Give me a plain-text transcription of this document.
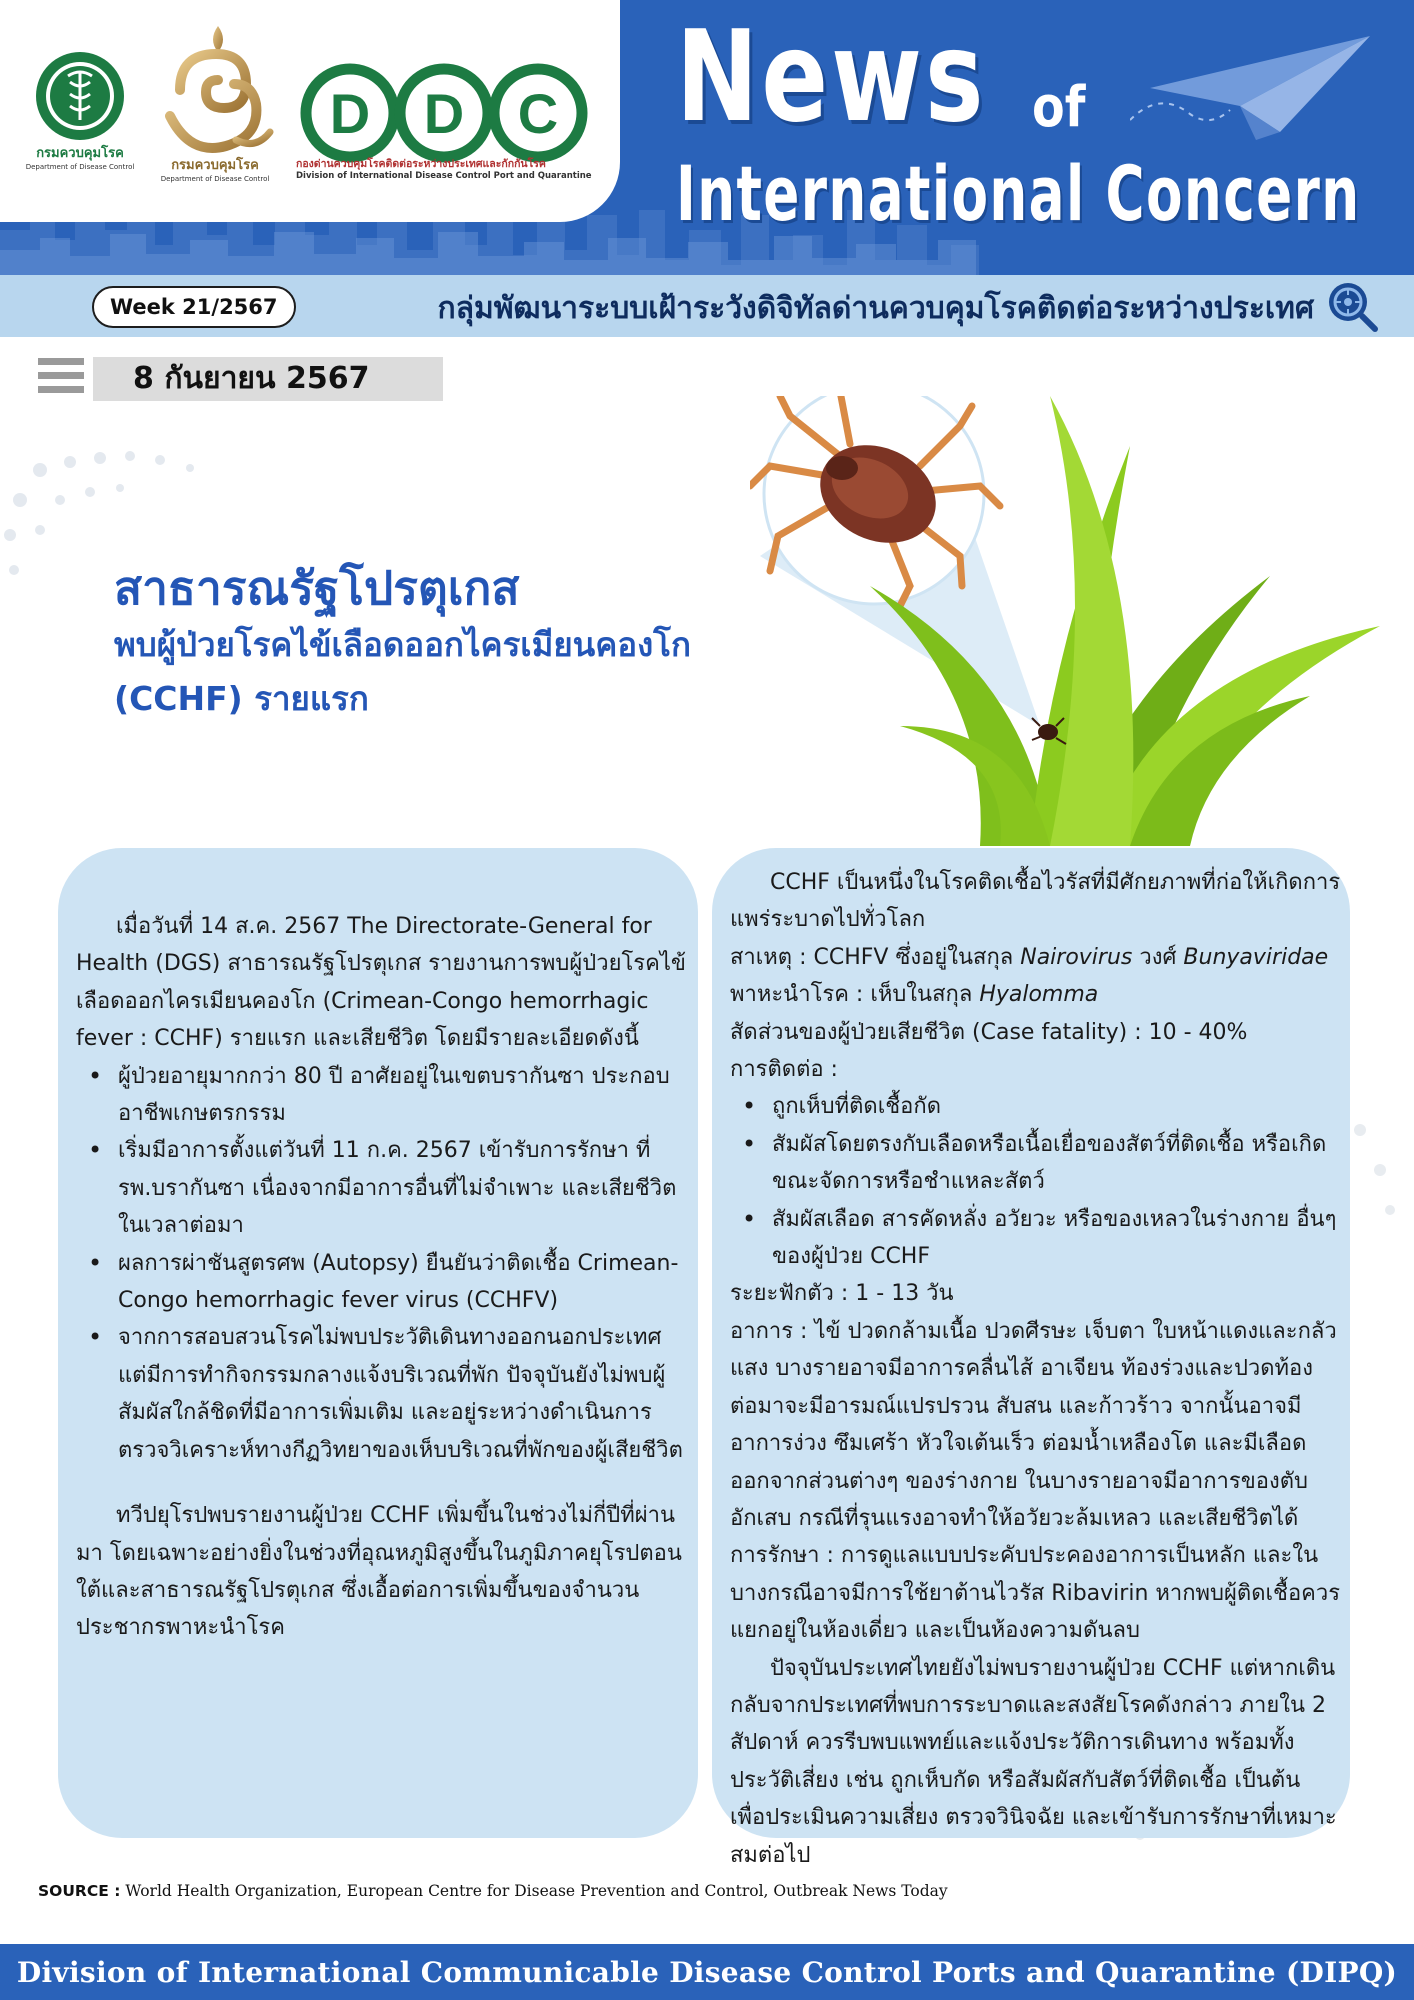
กรมควบคุมโรค
Department of Disease Control	กรมควบคุมโรค
Department of Disease Control
D D C
กองด่านควบคุมโรคติดต่อระหว่างประเทศและกักกันโรค
Division of International Disease Control Port and Quarantine
News of
International Concern
Week 21/2567	กลุ่มพัฒนาระบบเฝ้าระวังดิจิทัลด่านควบคุมโรคติดต่อระหว่างประเทศ
8 กันยายน 2567
สาธารณรัฐโปรตุเกส
พบผู้ป่วยโรคไข้เลือดออกไครเมียนคองโก
(CCHF) รายแรก
เมื่อวันที่ 14 ส.ค. 2567 The Directorate-General for Health (DGS) สาธารณรัฐโปรตุเกส รายงานการพบผู้ป่วยโรคไข้เลือดออกไครเมียนคองโก (Crimean-Congo hemorrhagic fever : CCHF) รายแรก และเสียชีวิต โดยมีรายละเอียดดังนี้
• ผู้ป่วยอายุมากกว่า 80 ปี อาศัยอยู่ในเขตบรากันซา ประกอบอาชีพเกษตรกรรม
• เริ่มมีอาการตั้งแต่วันที่ 11 ก.ค. 2567 เข้ารับการรักษา ที่ รพ.บรากันซา เนื่องจากมีอาการอื่นที่ไม่จำเพาะ และเสียชีวิตในเวลาต่อมา
• ผลการผ่าชันสูตรศพ (Autopsy) ยืนยันว่าติดเชื้อ Crimean-Congo hemorrhagic fever virus (CCHFV)
• จากการสอบสวนโรคไม่พบประวัติเดินทางออกนอกประเทศ แต่มีการทำกิจกรรมกลางแจ้งบริเวณที่พัก ปัจจุบันยังไม่พบผู้สัมผัสใกล้ชิดที่มีอาการเพิ่มเติม และอยู่ระหว่างดำเนินการตรวจวิเคราะห์ทางกีฏวิทยาของเห็บบริเวณที่พักของผู้เสียชีวิต
ทวีปยุโรปพบรายงานผู้ป่วย CCHF เพิ่มขึ้นในช่วงไม่กี่ปีที่ผ่านมา โดยเฉพาะอย่างยิ่งในช่วงที่อุณหภูมิสูงขึ้นในภูมิภาคยุโรปตอนใต้และสาธารณรัฐโปรตุเกส ซึ่งเอื้อต่อการเพิ่มขึ้นของจำนวนประชากรพาหะนำโรค
CCHF เป็นหนึ่งในโรคติดเชื้อไวรัสที่มีศักยภาพที่ก่อให้เกิดการแพร่ระบาดไปทั่วโลก
สาเหตุ : CCHFV ซึ่งอยู่ในสกุล Nairovirus วงศ์ Bunyaviridae
พาหะนำโรค : เห็บในสกุล Hyalomma
สัดส่วนของผู้ป่วยเสียชีวิต (Case fatality) : 10 - 40%
การติดต่อ :
• ถูกเห็บที่ติดเชื้อกัด
• สัมผัสโดยตรงกับเลือดหรือเนื้อเยื่อของสัตว์ที่ติดเชื้อ หรือเกิดขณะจัดการหรือชำแหละสัตว์
• สัมผัสเลือด สารคัดหลั่ง อวัยวะ หรือของเหลวในร่างกาย อื่นๆ ของผู้ป่วย CCHF
ระยะฟักตัว : 1 - 13 วัน
อาการ : ไข้ ปวดกล้ามเนื้อ ปวดศีรษะ เจ็บตา ใบหน้าแดงและกลัวแสง บางรายอาจมีอาการคลื่นไส้ อาเจียน ท้องร่วงและปวดท้อง ต่อมาจะมีอารมณ์แปรปรวน สับสน และก้าวร้าว จากนั้นอาจมีอาการง่วง ซึมเศร้า หัวใจเต้นเร็ว ต่อมน้ำเหลืองโต และมีเลือดออกจากส่วนต่างๆ ของร่างกาย ในบางรายอาจมีอาการของตับอักเสบ กรณีที่รุนแรงอาจทำให้อวัยวะล้มเหลว และเสียชีวิตได้
การรักษา : การดูแลแบบประคับประคองอาการเป็นหลัก และในบางกรณีอาจมีการใช้ยาต้านไวรัส Ribavirin หากพบผู้ติดเชื้อควรแยกอยู่ในห้องเดี่ยว และเป็นห้องความดันลบ
ปัจจุบันประเทศไทยยังไม่พบรายงานผู้ป่วย CCHF แต่หากเดินกลับจากประเทศที่พบการระบาดและสงสัยโรคดังกล่าว ภายใน 2 สัปดาห์ ควรรีบพบแพทย์และแจ้งประวัติการเดินทาง พร้อมทั้งประวัติเสี่ยง เช่น ถูกเห็บกัด หรือสัมผัสกับสัตว์ที่ติดเชื้อ เป็นต้น เพื่อประเมินความเสี่ยง ตรวจวินิจฉัย และเข้ารับการรักษาที่เหมาะสมต่อไป
SOURCE : World Health Organization, European Centre for Disease Prevention and Control, Outbreak News Today
Division of International Communicable Disease Control Ports and Quarantine (DIPQ)
